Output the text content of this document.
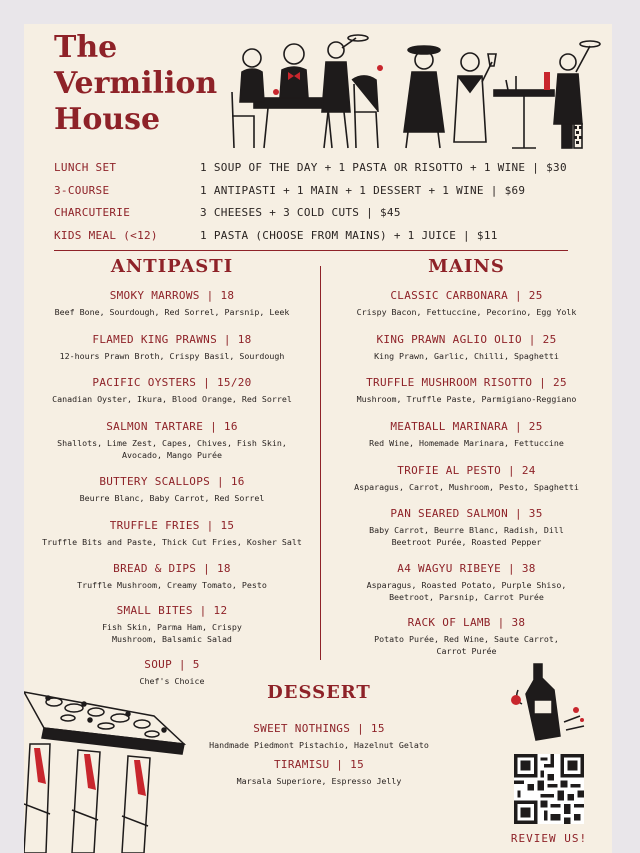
The
Vermilion
House
LUNCH SET	1 SOUP OF THE DAY + 1 PASTA OR RISOTTO + 1 WINE | $30
3-COURSE	1 ANTIPASTI + 1 MAIN + 1 DESSERT + 1 WINE | $69
CHARCUTERIE	3 CHEESES + 3 COLD CUTS | $45
KIDS MEAL (<12)	1 PASTA (CHOOSE FROM MAINS) + 1 JUICE | $11
ANTIPASTI
SMOKY MARROWS | 18
Beef Bone, Sourdough, Red Sorrel, Parsnip, Leek
FLAMED KING PRAWNS | 18
12-hours Prawn Broth, Crispy Basil, Sourdough
PACIFIC OYSTERS | 15/20
Canadian Oyster, Ikura, Blood Orange, Red Sorrel
SALMON TARTARE | 16
Shallots, Lime Zest, Capes, Chives, Fish Skin, Avocado, Mango Purée
BUTTERY SCALLOPS | 16
Beurre Blanc, Baby Carrot, Red Sorrel
TRUFFLE FRIES | 15
Truffle Bits and Paste, Thick Cut Fries, Kosher Salt
BREAD & DIPS | 18
Truffle Mushroom, Creamy Tomato, Pesto
SMALL BITES | 12
Fish Skin, Parma Ham, Crispy Mushroom, Balsamic Salad
SOUP | 5
Chef's Choice
MAINS
CLASSIC CARBONARA | 25
Crispy Bacon, Fettuccine, Pecorino, Egg Yolk
KING PRAWN AGLIO OLIO | 25
King Prawn, Garlic, Chilli, Spaghetti
TRUFFLE MUSHROOM RISOTTO | 25
Mushroom, Truffle Paste, Parmigiano-Reggiano
MEATBALL MARINARA | 25
Red Wine, Homemade Marinara, Fettuccine
TROFIE AL PESTO | 24
Asparagus, Carrot, Mushroom, Pesto, Spaghetti
PAN SEARED SALMON | 35
Baby Carrot, Beurre Blanc, Radish, Dill Beetroot Purée, Roasted Pepper
A4 WAGYU RIBEYE | 38
Asparagus, Roasted Potato, Purple Shiso, Beetroot, Parsnip, Carrot Purée
RACK OF LAMB | 38
Potato Purée, Red Wine, Saute Carrot, Carrot Purée
DESSERT
SWEET NOTHINGS | 15
Handmade Piedmont Pistachio, Hazelnut Gelato
TIRAMISU | 15
Marsala Superiore, Espresso Jelly
REVIEW US!
